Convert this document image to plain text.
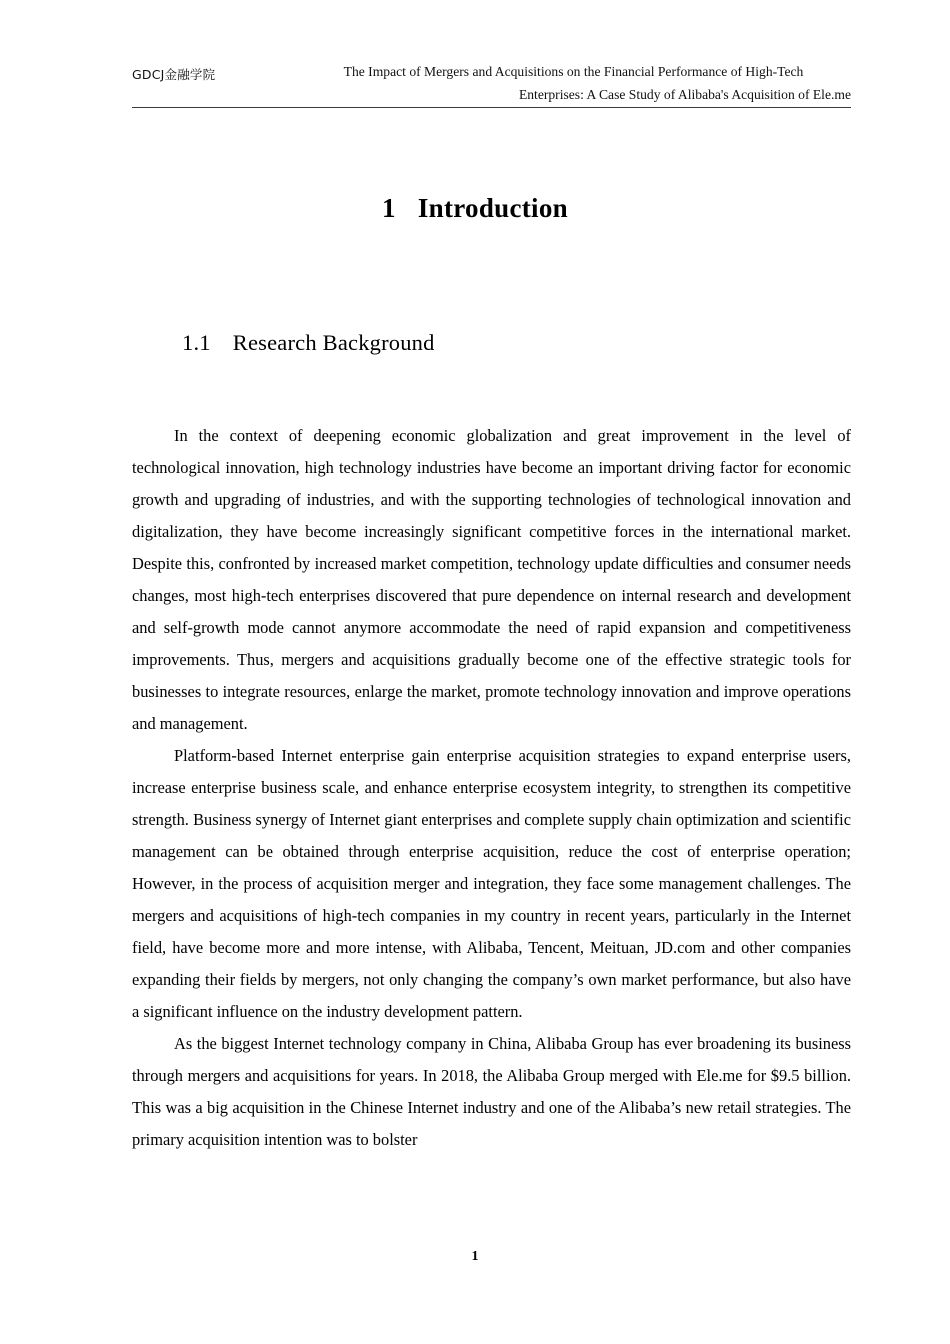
GDCJ金融学院	The Impact of Mergers and Acquisitions on the Financial Performance of High-Tech
Enterprises: A Case Study of Alibaba's Acquisition of Ele.me
1 Introduction
1.1 Research Background

In the context of deepening economic globalization and great improvement in the level of technological innovation, high technology industries have become an important driving factor for economic growth and upgrading of industries, and with the supporting technologies of technological innovation and digitalization, they have become increasingly significant competitive forces in the international market. Despite this, confronted by increased market competition, technology update difficulties and consumer needs changes, most high-tech enterprises discovered that pure dependence on internal research and development and self-growth mode cannot anymore accommodate the need of rapid expansion and competitiveness improvements. Thus, mergers and acquisitions gradually become one of the effective strategic tools for businesses to integrate resources, enlarge the market, promote technology innovation and improve operations and management.

Platform-based Internet enterprise gain enterprise acquisition strategies to expand enterprise users, increase enterprise business scale, and enhance enterprise ecosystem integrity, to strengthen its competitive strength. Business synergy of Internet giant enterprises and complete supply chain optimization and scientific management can be obtained through enterprise acquisition, reduce the cost of enterprise operation; However, in the process of acquisition merger and integration, they face some management challenges. The mergers and acquisitions of high-tech companies in my country in recent years, particularly in the Internet field, have become more and more intense, with Alibaba, Tencent, Meituan, JD.com and other companies expanding their fields by mergers, not only changing the company’s own market performance, but also have a significant influence on the industry development pattern.

As the biggest Internet technology company in China, Alibaba Group has ever broadening its business through mergers and acquisitions for years. In 2018, the Alibaba Group merged with Ele.me for $9.5 billion. This was a big acquisition in the Chinese Internet industry and one of the Alibaba’s new retail strategies. The primary acquisition intention was to bolster

1
